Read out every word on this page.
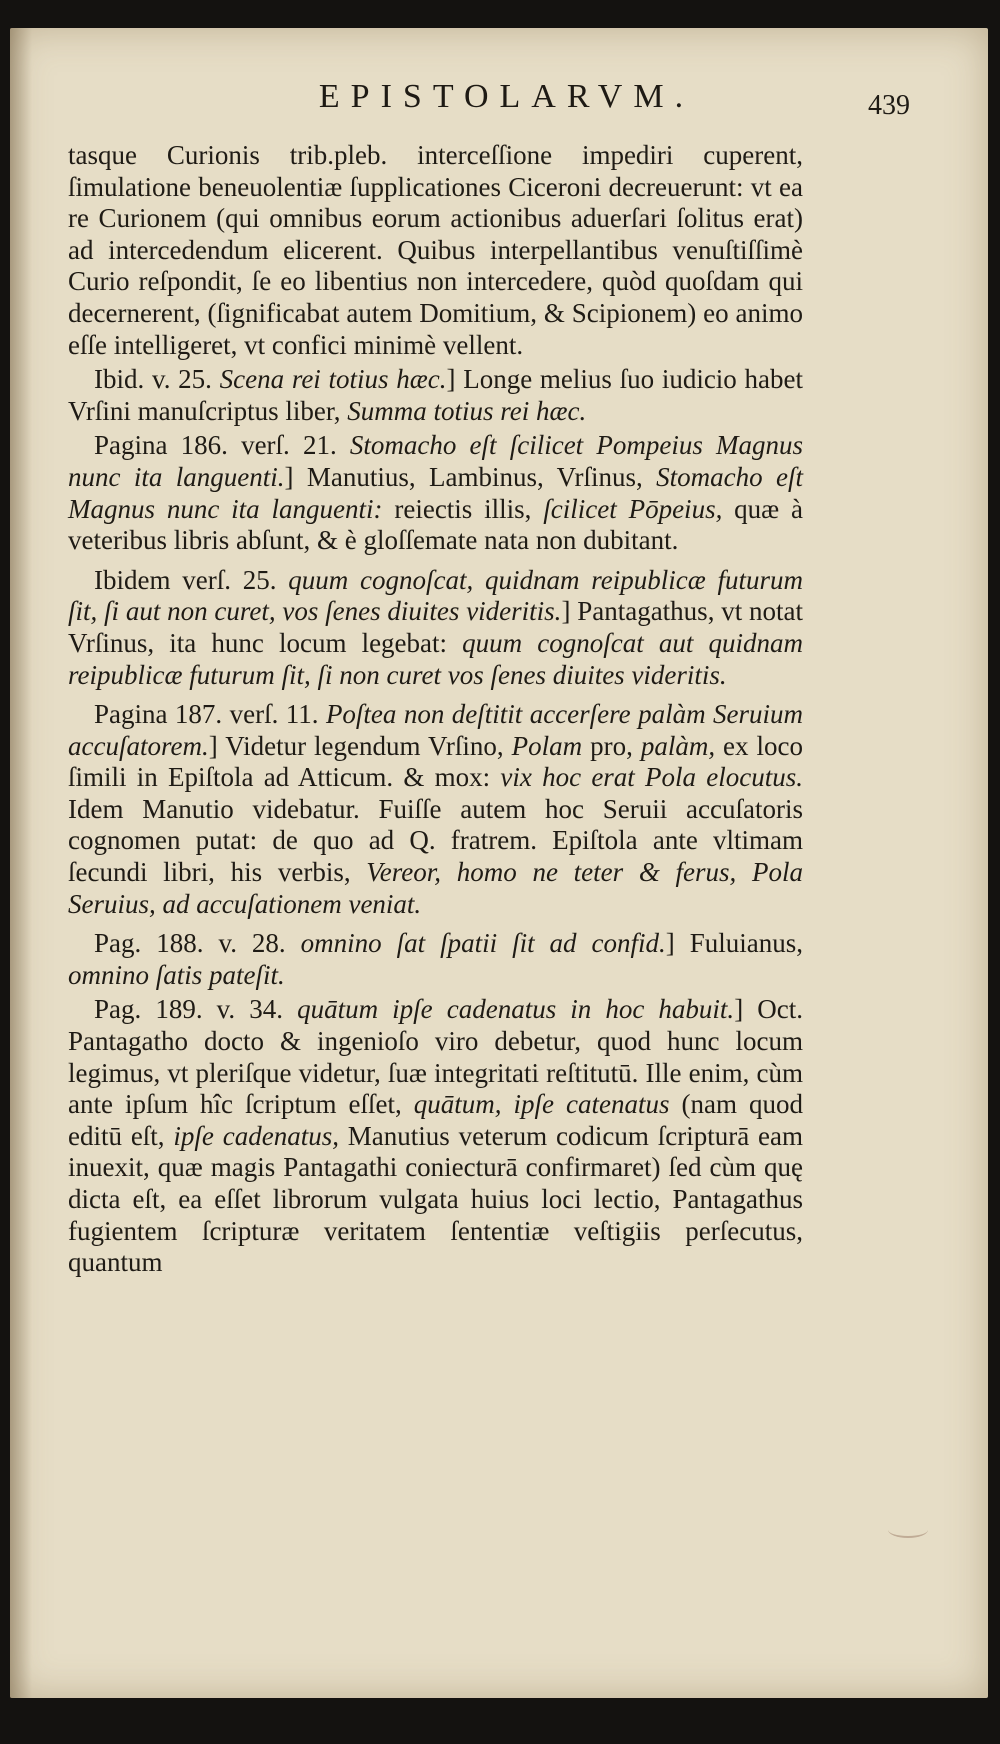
EPISTOLARVM.	439

tasque Curionis trib.pleb. interceſſione impediri cuperent, ſimulatione beneuolentiæ ſupplicationes Ciceroni decreuerunt: vt ea re Curionem (qui omnibus eorum actionibus aduerſari ſolitus erat) ad intercedendum elicerent. Quibus interpellantibus venuſtiſſimè Curio reſpondit, ſe eo libentius non intercedere, quòd quoſdam qui decernerent, (ſignificabat autem Domitium, & Scipionem) eo animo eſſe intelligeret, vt confici minimè vellent.

Ibid. v. 25. Scena rei totius hæc.] Longe melius ſuo iudicio habet Vrſini manuſcriptus liber, Summa totius rei hæc.

Pagina 186. verſ. 21. Stomacho eſt ſcilicet Pompeius Magnus nunc ita languenti.] Manutius, Lambinus, Vrſinus, Stomacho eſt Magnus nunc ita languenti: reiectis illis, ſcilicet Pōpeius, quæ à veteribus libris abſunt, & è gloſſemate nata non dubitant.

Ibidem verſ. 25. quum cognoſcat, quidnam reipublicæ futurum ſit, ſi aut non curet, vos ſenes diuites videritis.] Pantagathus, vt notat Vrſinus, ita hunc locum legebat: quum cognoſcat aut quidnam reipublicæ futurum ſit, ſi non curet vos ſenes diuites videritis.

Pagina 187. verſ. 11. Poſtea non deſtitit accerſere palàm Seruium accuſatorem.] Videtur legendum Vrſino, Polam pro, palàm, ex loco ſimili in Epiſtola ad Atticum. & mox: vix hoc erat Pola elocutus. Idem Manutio videbatur. Fuiſſe autem hoc Seruii accuſatoris cognomen putat: de quo ad Q. fratrem. Epiſtola ante vltimam ſecundi libri, his verbis, Vereor, homo ne teter & ferus, Pola Seruius, ad accuſationem veniat.

Pag. 188. v. 28. omnino ſat ſpatii ſit ad confid.] Fuluianus, omnino ſatis pateſit.

Pag. 189. v. 34. quātum ipſe cadenatus in hoc habuit.] Oct. Pantagatho docto & ingenioſo viro debetur, quod hunc locum legimus, vt pleriſque videtur, ſuæ integritati reſtitutū. Ille enim, cùm ante ipſum hîc ſcriptum eſſet, quātum, ipſe catenatus (nam quod editū eſt, ipſe cadenatus, Manutius veterum codicum ſcripturā eam inuexit, quæ magis Pantagathi coniecturā confirmaret) ſed cùm quę dicta eſt, ea eſſet librorum vulgata huius loci lectio, Pantagathus fugientem ſcripturæ veritatem ſententiæ veſtigiis perſecutus, quantum
